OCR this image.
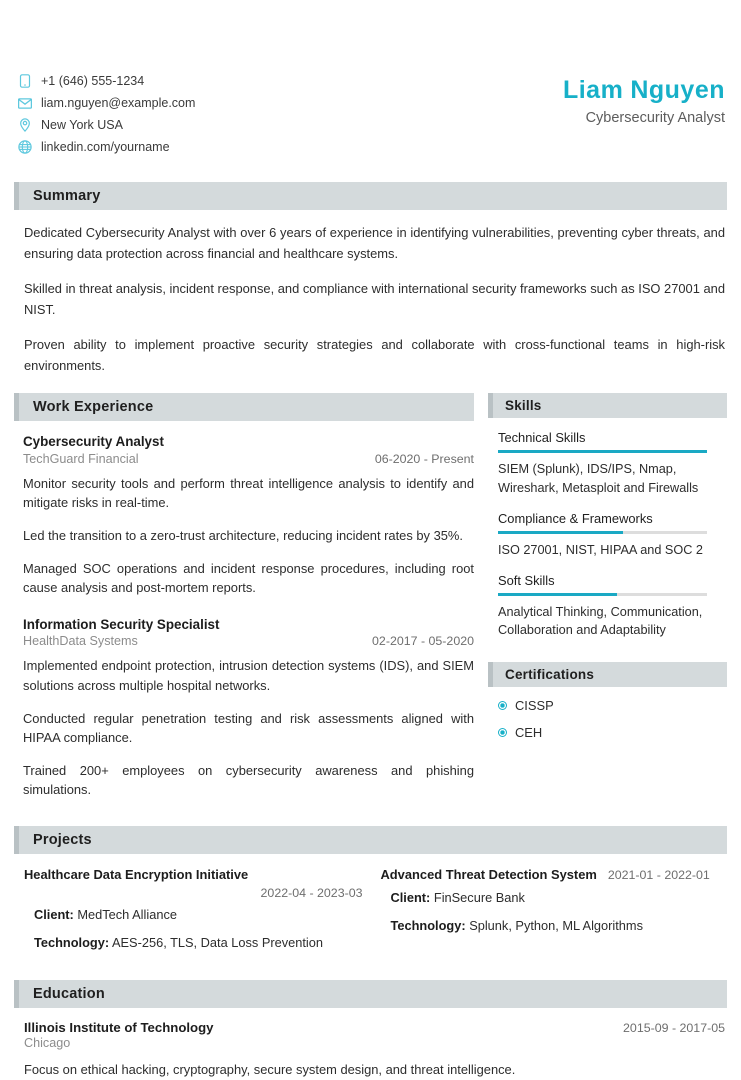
+1 (646) 555-1234
liam.nguyen@example.com
New York USA
linkedin.com/yourname
Liam Nguyen
Cybersecurity Analyst
Summary

Dedicated Cybersecurity Analyst with over 6 years of experience in identifying vulnerabilities, preventing cyber threats, and ensuring data protection across financial and healthcare systems.

Skilled in threat analysis, incident response, and compliance with international security frameworks such as ISO 27001 and NIST.

Proven ability to implement proactive security strategies and collaborate with cross-functional teams in high-risk environments.

Work Experience
Cybersecurity Analyst
TechGuard Financial	06-2020 - Present

Monitor security tools and perform threat intelligence analysis to identify and mitigate risks in real-time.

Led the transition to a zero-trust architecture, reducing incident rates by 35%.

Managed SOC operations and incident response procedures, including root cause analysis and post-mortem reports.

Information Security Specialist
HealthData Systems	02-2017 - 05-2020

Implemented endpoint protection, intrusion detection systems (IDS), and SIEM solutions across multiple hospital networks.

Conducted regular penetration testing and risk assessments aligned with HIPAA compliance.

Trained 200+ employees on cybersecurity awareness and phishing simulations.

Skills
Technical Skills
SIEM (Splunk), IDS/IPS, Nmap, Wireshark, Metasploit and Firewalls
Compliance & Frameworks
ISO 27001, NIST, HIPAA and SOC 2
Soft Skills
Analytical Thinking, Communication, Collaboration and Adaptability
Certifications
CISSP
CEH
Projects
Healthcare Data Encryption Initiative
2022-04 - 2023-03
Client: MedTech Alliance
Technology: AES-256, TLS, Data Loss Prevention
Advanced Threat Detection System 2021-01 - 2022-01
Client: FinSecure Bank
Technology: Splunk, Python, ML Algorithms
Education
Illinois Institute of Technology	2015-09 - 2017-05
Chicago
Focus on ethical hacking, cryptography, secure system design, and threat intelligence.
